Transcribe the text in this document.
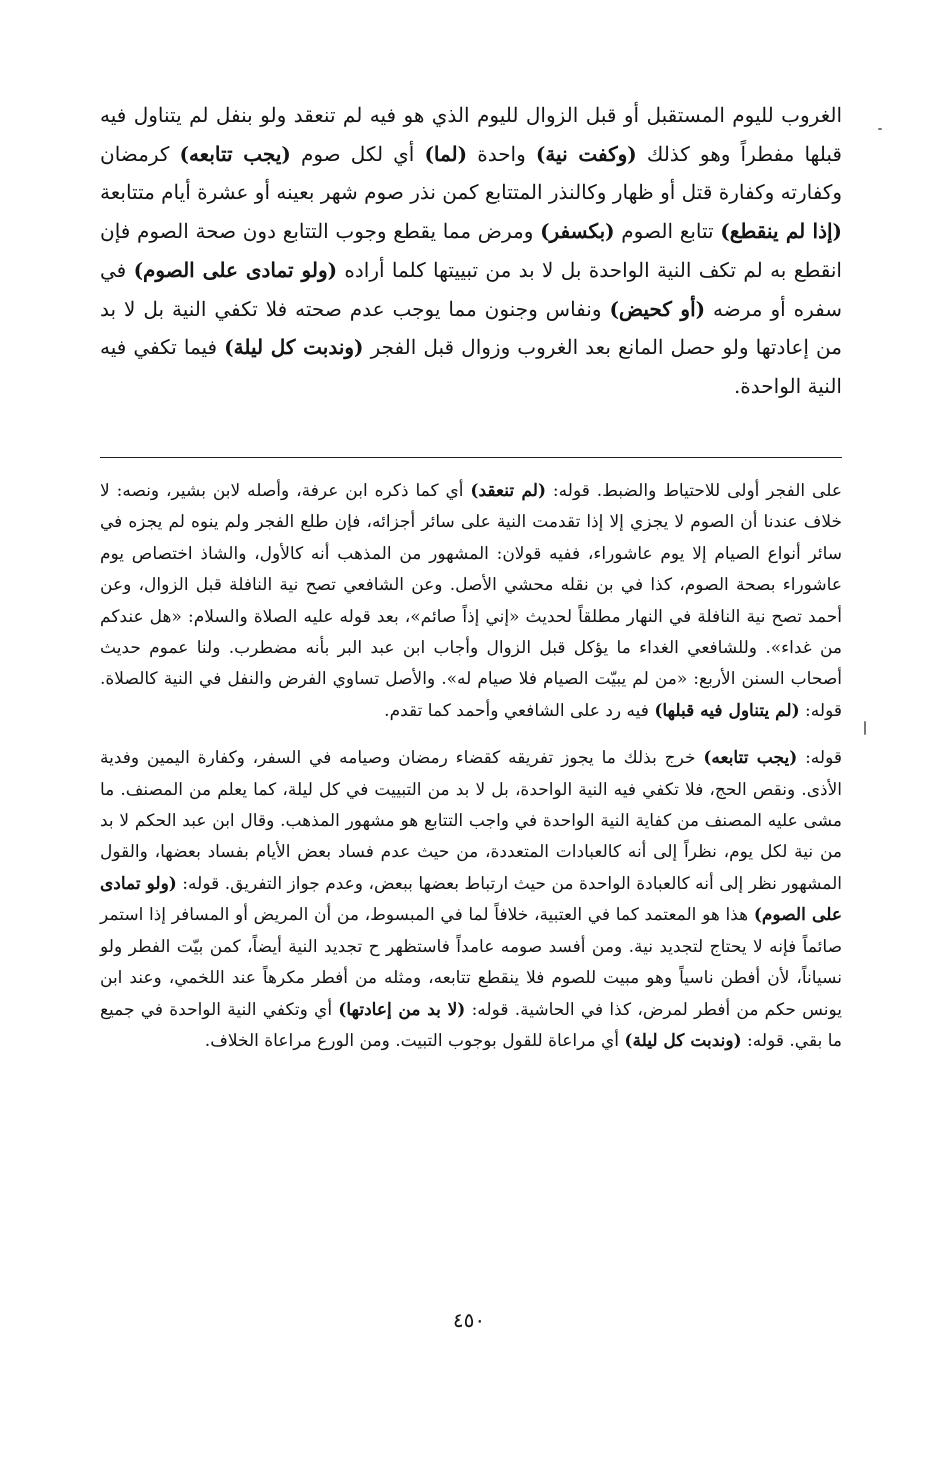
الغروب لليوم المستقبل أو قبل الزوال لليوم الذي هو فيه لم تنعقد ولو بنفل لم يتناول فيه قبلها مفطراً وهو كذلك (وكفت نية) واحدة (لما) أي لكل صوم (يجب تتابعه) كرمضان وكفارته وكفارة قتل أو ظهار وكالنذر المتتابع كمن نذر صوم شهر بعينه أو عشرة أيام متتابعة (إذا لم ينقطع) تتابع الصوم (بكسفر) ومرض مما يقطع وجوب التتابع دون صحة الصوم فإن انقطع به لم تكف النية الواحدة بل لا بد من تبييتها كلما أراده (ولو تمادى على الصوم) في سفره أو مرضه (أو كحيض) ونفاس وجنون مما يوجب عدم صحته فلا تكفي النية بل لا بد من إعادتها ولو حصل المانع بعد الغروب وزوال قبل الفجر (وندبت كل ليلة) فيما تكفي فيه النية الواحدة.

على الفجر أولى للاحتياط والضبط. قوله: (لم تنعقد) أي كما ذكره ابن عرفة، وأصله لابن بشير، ونصه: لا خلاف عندنا أن الصوم لا يجزي إلا إذا تقدمت النية على سائر أجزائه، فإن طلع الفجر ولم ينوه لم يجزه في سائر أنواع الصيام إلا يوم عاشوراء، ففيه قولان: المشهور من المذهب أنه كالأول، والشاذ اختصاص يوم عاشوراء بصحة الصوم، كذا في بن نقله محشي الأصل. وعن الشافعي تصح نية النافلة قبل الزوال، وعن أحمد تصح نية النافلة في النهار مطلقاً لحديث «إني إذاً صائم»، بعد قوله عليه الصلاة والسلام: «هل عندكم من غداء». وللشافعي الغداء ما يؤكل قبل الزوال وأجاب ابن عبد البر بأنه مضطرب. ولنا عموم حديث أصحاب السنن الأربع: «من لم يبيّت الصيام فلا صيام له». والأصل تساوي الفرض والنفل في النية كالصلاة. قوله: (لم يتناول فيه قبلها) فيه رد على الشافعي وأحمد كما تقدم.

قوله: (يجب تتابعه) خرج بذلك ما يجوز تفريقه كقضاء رمضان وصيامه في السفر، وكفارة اليمين وفدية الأذى. ونقص الحج، فلا تكفي فيه النية الواحدة، بل لا بد من التبييت في كل ليلة، كما يعلم من المصنف. ما مشى عليه المصنف من كفاية النية الواحدة في واجب التتابع هو مشهور المذهب. وقال ابن عبد الحكم لا بد من نية لكل يوم، نظراً إلى أنه كالعبادات المتعددة، من حيث عدم فساد بعض الأيام بفساد بعضها، والقول المشهور نظر إلى أنه كالعبادة الواحدة من حيث ارتباط بعضها ببعض، وعدم جواز التفريق. قوله: (ولو تمادى على الصوم) هذا هو المعتمد كما في العتبية، خلافاً لما في المبسوط، من أن المريض أو المسافر إذا استمر صائماً فإنه لا يحتاج لتجديد نية. ومن أفسد صومه عامداً فاستظهر ح تجديد النية أيضاً، كمن بيّت الفطر ولو نسياناً، لأن أفطن ناسياً وهو مبيت للصوم فلا ينقطع تتابعه، ومثله من أفطر مكرهاً عند اللخمي، وعند ابن يونس حكم من أفطر لمرض، كذا في الحاشية. قوله: (لا بد من إعادتها) أي وتكفي النية الواحدة في جميع ما بقي. قوله: (وندبت كل ليلة) أي مراعاة للقول بوجوب التبيت. ومن الورع مراعاة الخلاف.

٤٥٠
